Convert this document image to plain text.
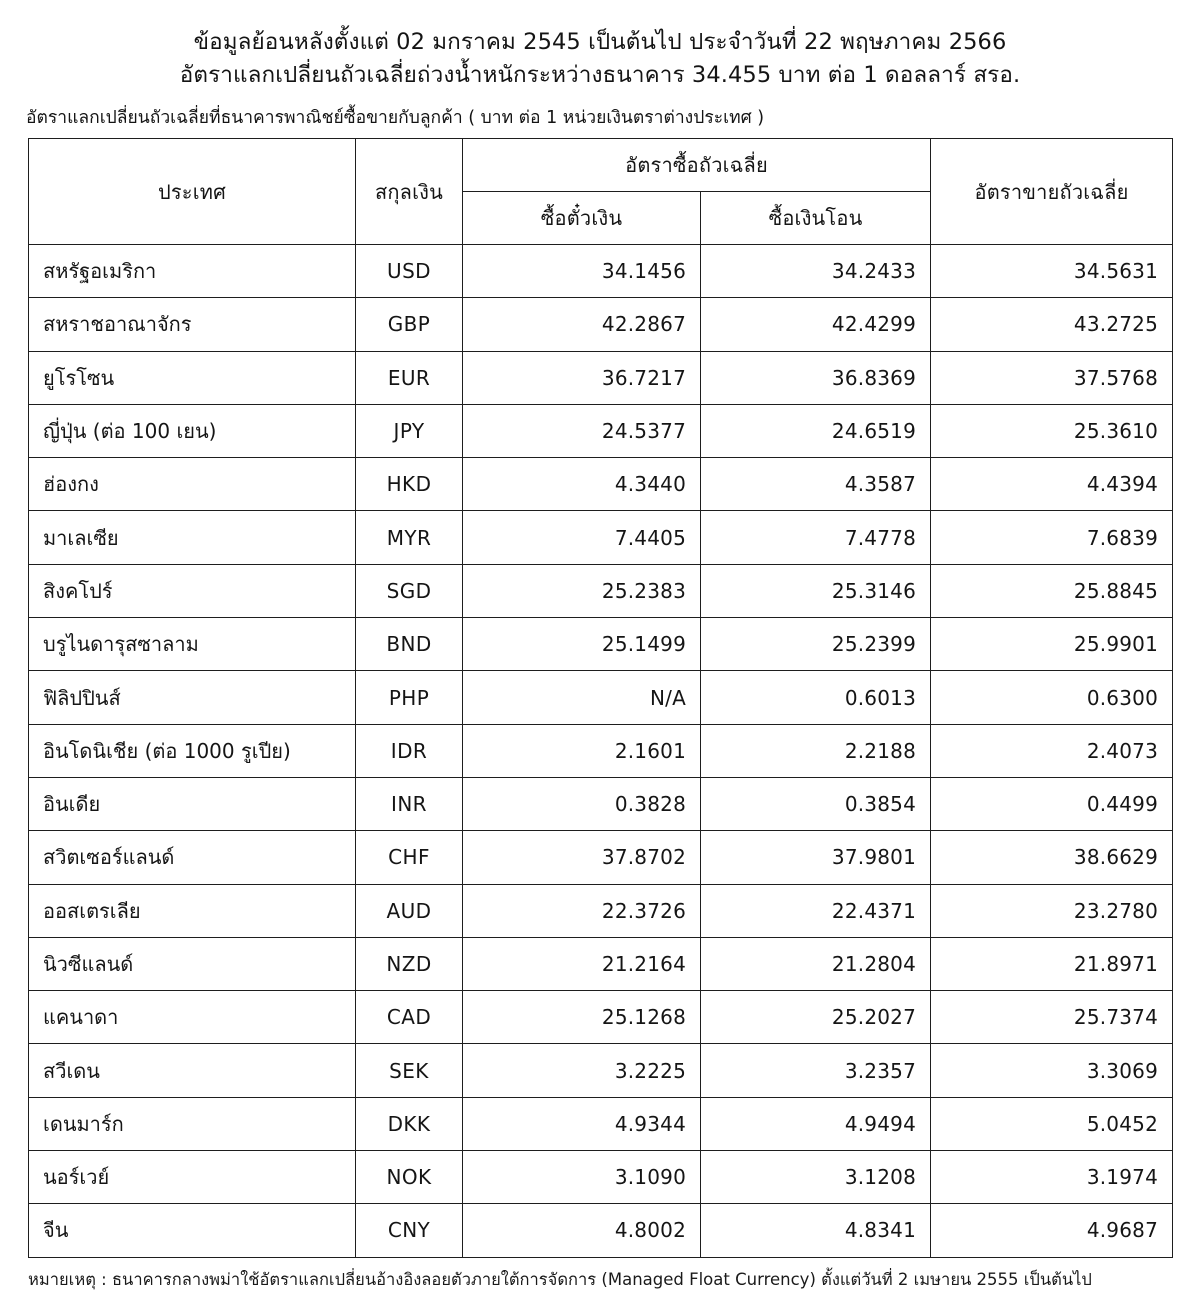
ข้อมูลย้อนหลังตั้งแต่ 02 มกราคม 2545 เป็นต้นไป ประจำวันที่ 22 พฤษภาคม 2566
อัตราแลกเปลี่ยนถัวเฉลี่ยถ่วงน้ำหนักระหว่างธนาคาร 34.455 บาท ต่อ 1 ดอลลาร์ สรอ.
อัตราแลกเปลี่ยนถัวเฉลี่ยที่ธนาคารพาณิชย์ซื้อขายกับลูกค้า ( บาท ต่อ 1 หน่วยเงินตราต่างประเทศ )
ประเทศ	สกุลเงิน	อัตราซื้อถัวเฉลี่ย		อัตราขายถัวเฉลี่ย
		ซื้อตั๋วเงิน	ซื้อเงินโอน	
สหรัฐอเมริกา	USD	34.1456	34.2433	34.5631
สหราชอาณาจักร	GBP	42.2867	42.4299	43.2725
ยูโรโซน	EUR	36.7217	36.8369	37.5768
ญี่ปุ่น (ต่อ 100 เยน)	JPY	24.5377	24.6519	25.3610
ฮ่องกง	HKD	4.3440	4.3587	4.4394
มาเลเซีย	MYR	7.4405	7.4778	7.6839
สิงคโปร์	SGD	25.2383	25.3146	25.8845
บรูไนดารุสซาลาม	BND	25.1499	25.2399	25.9901
ฟิลิปปินส์	PHP	N/A	0.6013	0.6300
อินโดนิเชีย (ต่อ 1000 รูเปีย)	IDR	2.1601	2.2188	2.4073
อินเดีย	INR	0.3828	0.3854	0.4499
สวิตเซอร์แลนด์	CHF	37.8702	37.9801	38.6629
ออสเตรเลีย	AUD	22.3726	22.4371	23.2780
นิวซีแลนด์	NZD	21.2164	21.2804	21.8971
แคนาดา	CAD	25.1268	25.2027	25.7374
สวีเดน	SEK	3.2225	3.2357	3.3069
เดนมาร์ก	DKK	4.9344	4.9494	5.0452
นอร์เวย์	NOK	3.1090	3.1208	3.1974
จีน	CNY	4.8002	4.8341	4.9687
หมายเหตุ : ธนาคารกลางพม่าใช้อัตราแลกเปลี่ยนอ้างอิงลอยตัวภายใต้การจัดการ (Managed Float Currency) ตั้งแต่วันที่ 2 เมษายน 2555 เป็นต้นไป
